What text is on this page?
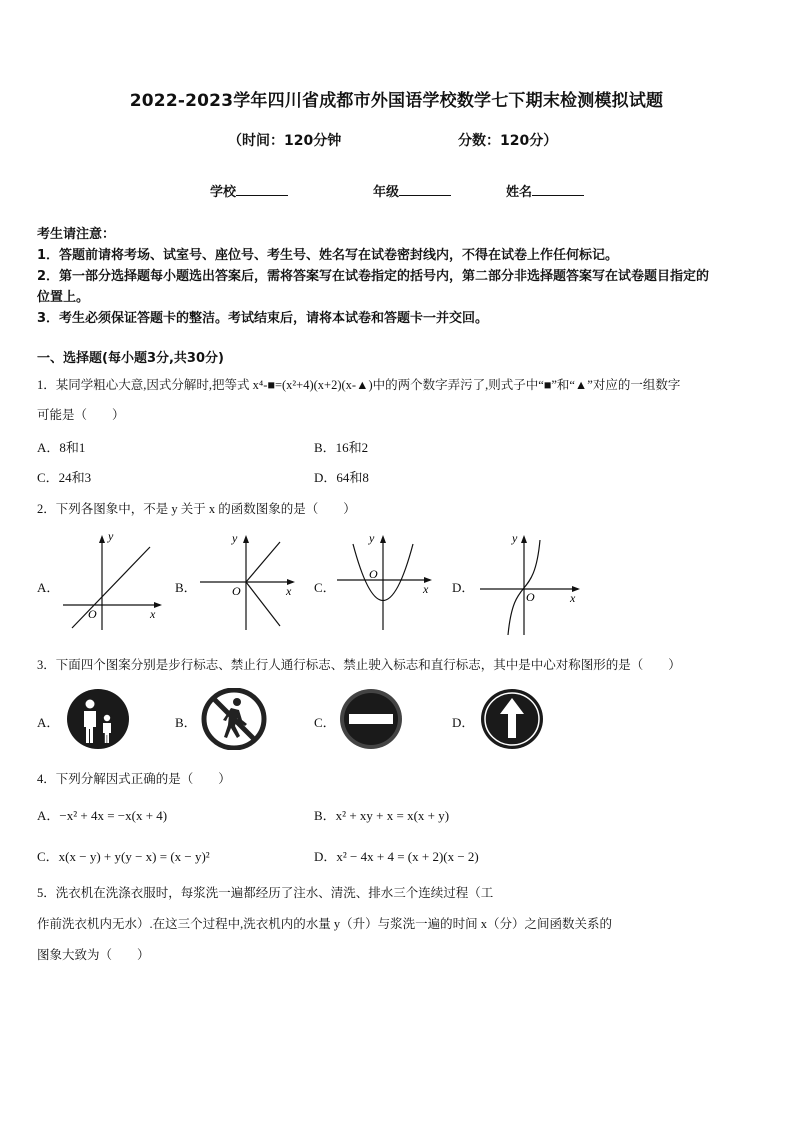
2022-2023学年四川省成都市外国语学校数学七下期末检测模拟试题
（时间：120分钟	分数：120分）
学校	年级	姓名
考生请注意：
1．答题前请将考场、试室号、座位号、考生号、姓名写在试卷密封线内，不得在试卷上作任何标记。
2．第一部分选择题每小题选出答案后，需将答案写在试卷指定的括号内，第二部分非选择题答案写在试卷题目指定的
位置上。
3．考生必须保证答题卡的整洁。考试结束后，请将本试卷和答题卡一并交回。
一、选择题(每小题3分,共30分)
1．某同学粗心大意,因式分解时,把等式 x⁴-■=(x²+4)(x+2)(x-▲)中的两个数字弄污了,则式子中“■”和“▲”对应的一组数字
可能是（　　）
A．8和1	B．16和2
C．24和3	D．64和8
2．下列各图象中，不是 y 关于 x 的函数图象的是（　　）
A．
y
x
O
B．
y
x
O	C．
y
x
O
D．
y
x
O
3．下面四个图案分别是步行标志、禁止行人通行标志、禁止驶入标志和直行标志，其中是中心对称图形的是（　　）
A．	B．	C．	D．
4．下列分解因式正确的是（　　）
A．−x² + 4x = −x(x + 4)	B．x² + xy + x = x(x + y)
C．x(x − y) + y(y − x) = (x − y)²	D．x² − 4x + 4 = (x + 2)(x − 2)
5．洗衣机在洗涤衣服时，每浆洗一遍都经历了注水、清洗、排水三个连续过程（工
作前洗衣机内无水）.在这三个过程中,洗衣机内的水量 y（升）与浆洗一遍的时间 x（分）之间函数关系的
图象大致为（　　）
